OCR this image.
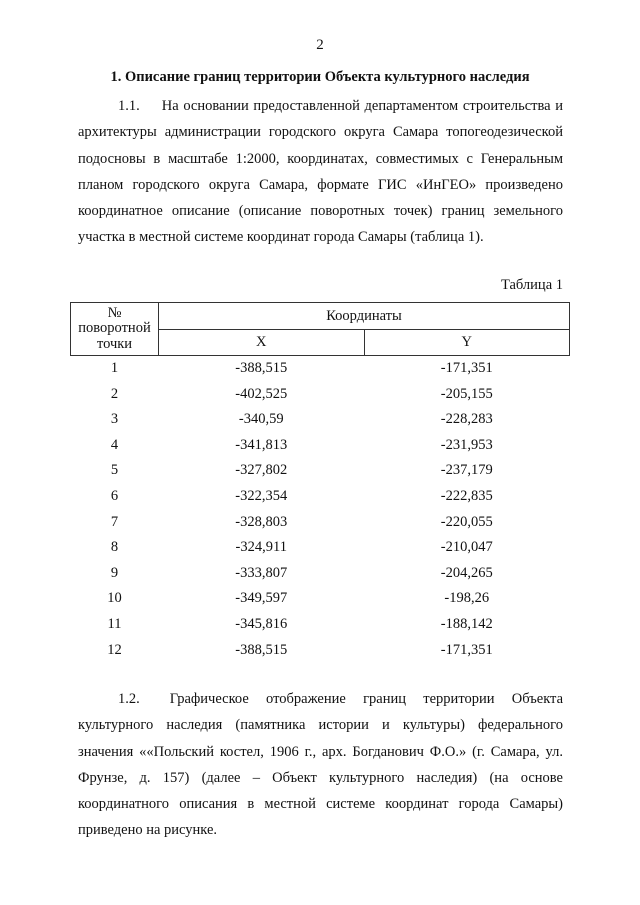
2
1. Описание границ территории Объекта культурного наследия
1.1. На основании предоставленной департаментом строительства и архитектуры администрации городского округа Самара топогеодезической подосновы в масштабе 1:2000, координатах, совместимых с Генеральным планом городского округа Самара, формате ГИС «ИнГЕО» произведено координатное описание (описание поворотных точек) границ земельного участка в местной системе координат города Самары (таблица 1).
Таблица 1
№ поворотной точки	Координаты	
	X	Y
1	-388,515	-171,351
2	-402,525	-205,155
3	-340,59	-228,283
4	-341,813	-231,953
5	-327,802	-237,179
6	-322,354	-222,835
7	-328,803	-220,055
8	-324,911	-210,047
9	-333,807	-204,265
10	-349,597	-198,26
11	-345,816	-188,142
12	-388,515	-171,351
1.2. Графическое отображение границ территории Объекта культурного наследия (памятника истории и культуры) федерального значения ««Польский костел, 1906 г., арх. Богданович Ф.О.» (г. Самара, ул. Фрунзе, д. 157) (далее – Объект культурного наследия) (на основе координатного описания в местной системе координат города Самары) приведено на рисунке.
